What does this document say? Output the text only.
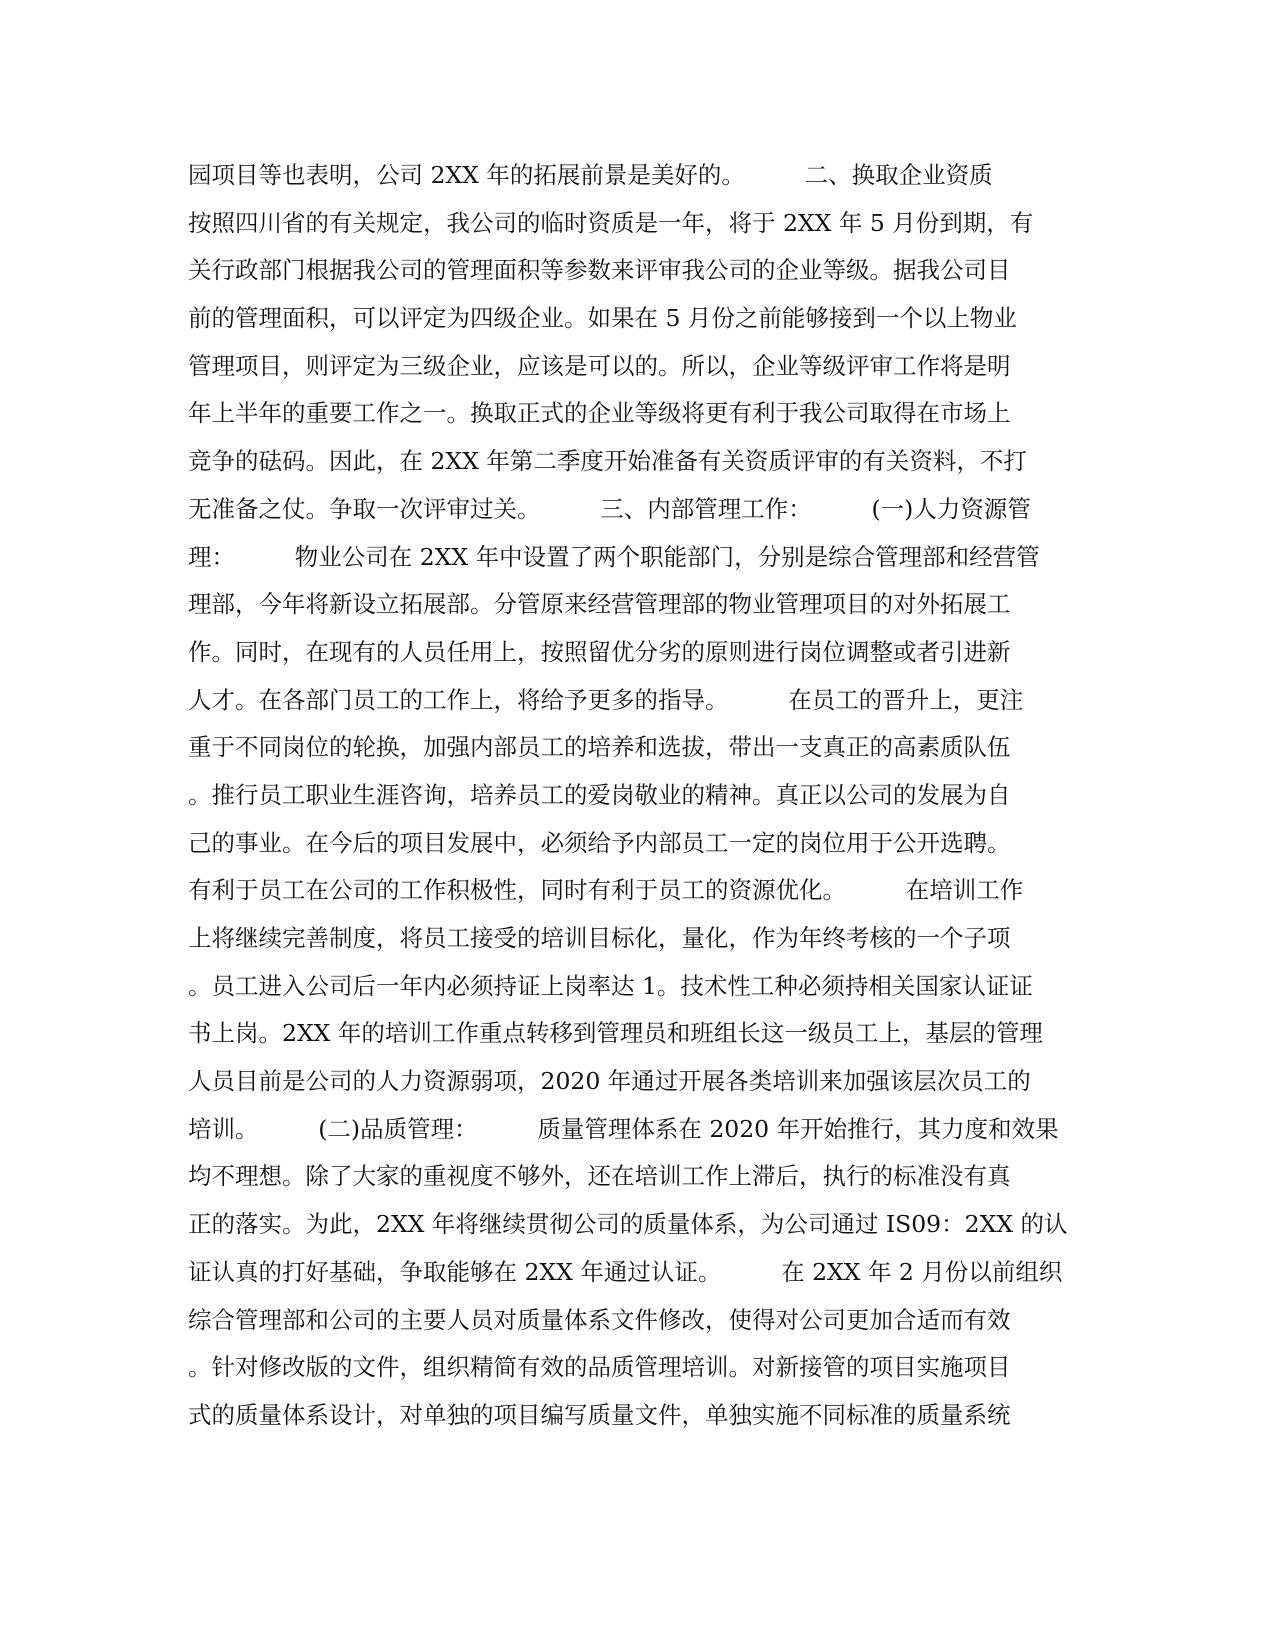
园项目等也表明，公司 2XX 年的拓展前景是美好的。        二、换取企业资质
按照四川省的有关规定，我公司的临时资质是一年，将于 2XX 年 5 月份到期，有
关行政部门根据我公司的管理面积等参数来评审我公司的企业等级。据我公司目
前的管理面积，可以评定为四级企业。如果在 5 月份之前能够接到一个以上物业
管理项目，则评定为三级企业，应该是可以的。所以，企业等级评审工作将是明
年上半年的重要工作之一。换取正式的企业等级将更有利于我公司取得在市场上
竞争的砝码。因此，在 2XX 年第二季度开始准备有关资质评审的有关资料，不打
无准备之仗。争取一次评审过关。        三、内部管理工作：        (一)人力资源管
理：        物业公司在 2XX 年中设置了两个职能部门，分别是综合管理部和经营管
理部，今年将新设立拓展部。分管原来经营管理部的物业管理项目的对外拓展工
作。同时，在现有的人员任用上，按照留优分劣的原则进行岗位调整或者引进新
人才。在各部门员工的工作上，将给予更多的指导。        在员工的晋升上，更注
重于不同岗位的轮换，加强内部员工的培养和选拔，带出一支真正的高素质队伍
。推行员工职业生涯咨询，培养员工的爱岗敬业的精神。真正以公司的发展为自
己的事业。在今后的项目发展中，必须给予内部员工一定的岗位用于公开选聘。
有利于员工在公司的工作积极性，同时有利于员工的资源优化。        在培训工作
上将继续完善制度，将员工接受的培训目标化，量化，作为年终考核的一个子项
。员工进入公司后一年内必须持证上岗率达 1。技术性工种必须持相关国家认证证
书上岗。2XX 年的培训工作重点转移到管理员和班组长这一级员工上，基层的管理
人员目前是公司的人力资源弱项，2020 年通过开展各类培训来加强该层次员工的
培训。        (二)品质管理：        质量管理体系在 2020 年开始推行，其力度和效果
均不理想。除了大家的重视度不够外，还在培训工作上滞后，执行的标准没有真
正的落实。为此，2XX 年将继续贯彻公司的质量体系，为公司通过 IS09：2XX 的认
证认真的打好基础，争取能够在 2XX 年通过认证。        在 2XX 年 2 月份以前组织
综合管理部和公司的主要人员对质量体系文件修改，使得对公司更加合适而有效
。针对修改版的文件，组织精简有效的品质管理培训。对新接管的项目实施项目
式的质量体系设计，对单独的项目编写质量文件，单独实施不同标准的质量系统
